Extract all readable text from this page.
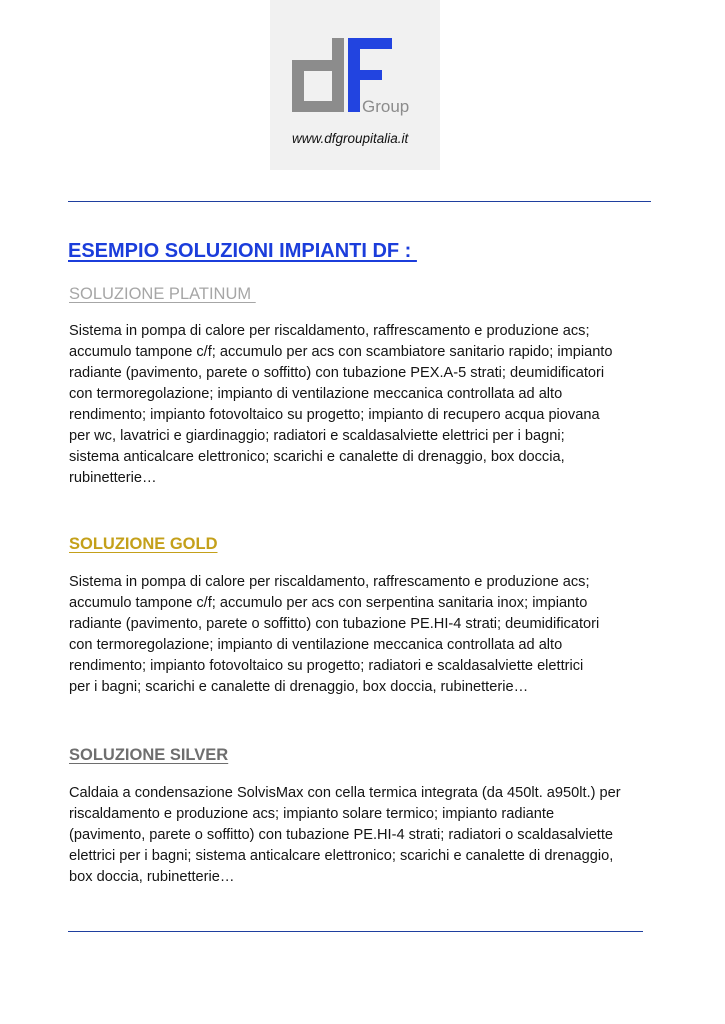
Group
www.dfgroupitalia.it
ESEMPIO SOLUZIONI IMPIANTI DF :
SOLUZIONE PLATINUM
Sistema in pompa di calore per riscaldamento, raffrescamento e produzione acs;
accumulo tampone c/f; accumulo per acs con scambiatore sanitario rapido; impianto
radiante (pavimento, parete o soffitto) con tubazione PEX.A-5 strati; deumidificatori
con termoregolazione; impianto di ventilazione meccanica controllata ad alto
rendimento; impianto fotovoltaico su progetto; impianto di recupero acqua piovana
per wc, lavatrici e giardinaggio; radiatori e scaldasalviette elettrici per i bagni;
sistema anticalcare elettronico; scarichi e canalette di drenaggio, box doccia,
rubinetterie…
SOLUZIONE GOLD
Sistema in pompa di calore per riscaldamento, raffrescamento e produzione acs;
accumulo tampone c/f; accumulo per acs con serpentina sanitaria inox; impianto
radiante (pavimento, parete o soffitto) con tubazione PE.HI-4 strati; deumidificatori
con termoregolazione; impianto di ventilazione meccanica controllata ad alto
rendimento; impianto fotovoltaico su progetto; radiatori e scaldasalviette elettrici
per i bagni; scarichi e canalette di drenaggio, box doccia, rubinetterie…
SOLUZIONE SILVER
Caldaia a condensazione SolvisMax con cella termica integrata (da 450lt. a950lt.) per
riscaldamento e produzione acs; impianto solare termico; impianto radiante
(pavimento, parete o soffitto) con tubazione PE.HI-4 strati; radiatori o scaldasalviette
elettrici per i bagni; sistema anticalcare elettronico; scarichi e canalette di drenaggio,
box doccia, rubinetterie…
